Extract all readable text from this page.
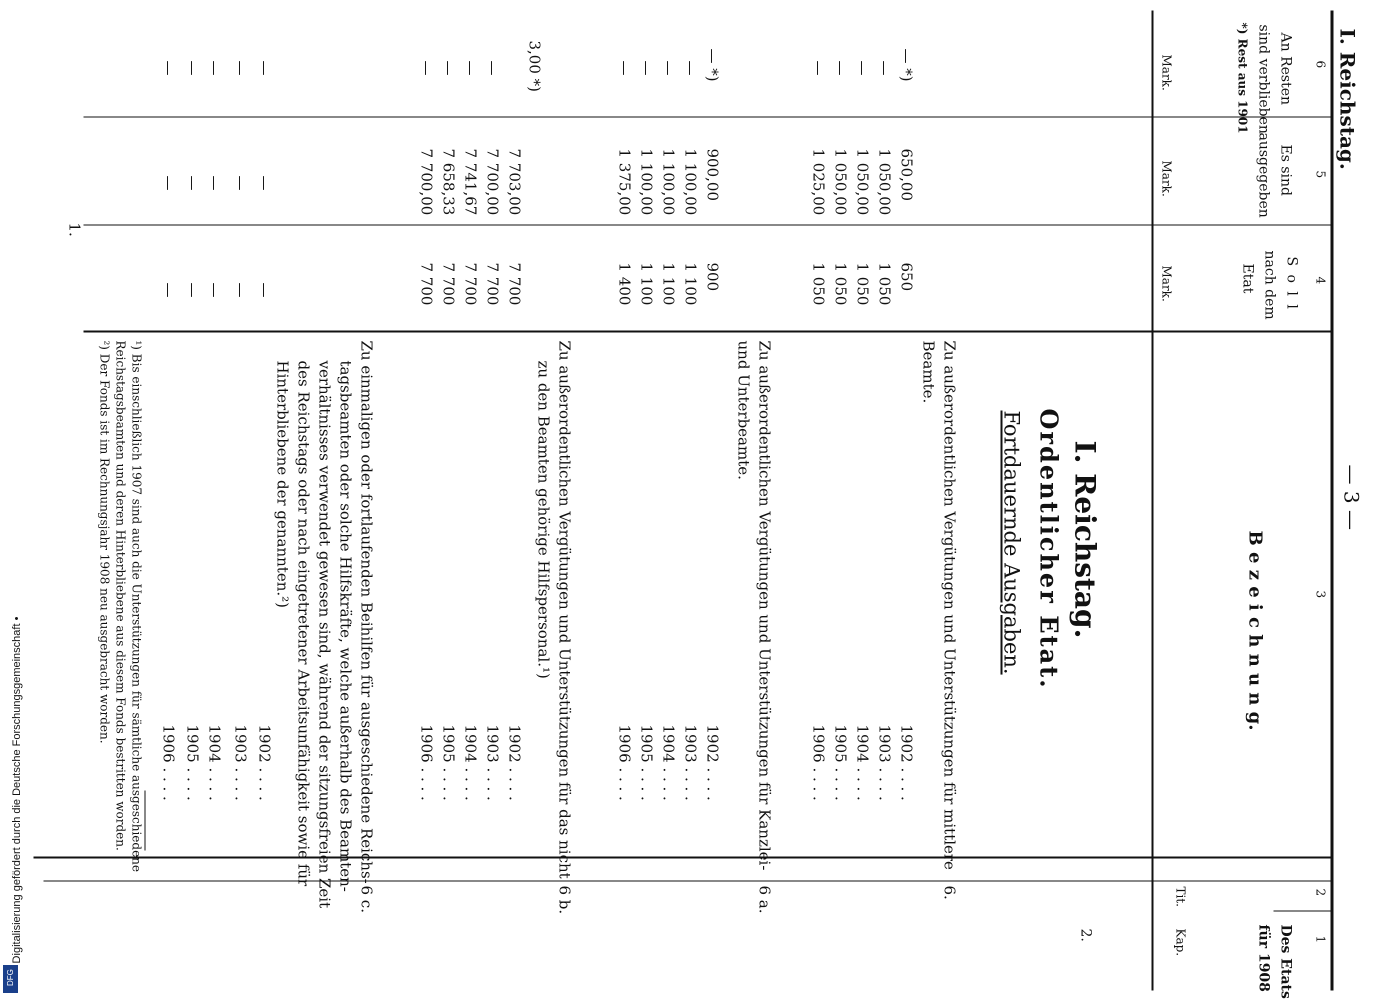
I. Reichstag.
— 3 —
6
5
4
3
2
1
An Resten
sind verblieben
*) Rest aus 1901
Es sind
ausgegeben
S o l l
nach dem
Etat
Mark.
Mark.
Mark.
B e z e i c h n u n g.
Des Etats
für 1908
Kap.
Tit.
I. Reichstag.
Ordentlicher Etat.
Fortdauernde Ausgaben.
2.
6.
Zu außerordentlichen Vergütungen und Unterstützungen für mittlere
Beamte.
1902 . . . .
1903 . . . .
1904 . . . .
1905 . . . .
1906 . . . .
650
1 050
1 050
1 050
1 050
650,00
1 050,00
1 050,00
1 050,00
1 025,00
— *)
—
—
—
—
6 a.
Zu außerordentlichen Vergütungen und Unterstützungen für Kanzlei-
und Unterbeamte.
1902 . . . .
1903 . . . .
1904 . . . .
1905 . . . .
1906 . . . .
900
1 100
1 100
1 100
1 400
900,00
1 100,00
1 100,00
1 100,00
1 375,00
— *)
—
—
—
—
6 b.
Zu außerordentlichen Vergütungen und Unterstützungen für das nicht
zu den Beamten gehörige Hilfspersonal.¹)
1902 . . . .
1903 . . . .
1904 . . . .
1905 . . . .
1906 . . . .
7 700
7 700
7 700
7 700
7 700
7 703,00
7 700,00
7 741,67
7 658,33
7 700,00
3,00 *)
—
—
—
—
6 c.
Zu einmaligen oder fortlaufenden Beihilfen für ausgeschiedene Reichs-
tagsbeamten oder solche Hilfskräfte, welche außerhalb des Beamten-
verhältnisses verwendet gewesen sind, während der sitzungsfreien Zeit
des Reichstags oder nach eingetretener Arbeitsunfähigkeit sowie für
Hinterbliebene der genannten.²)
1902 . . . .
1903 . . . .
1904 . . . .
1905 . . . .
1906 . . . .
—
—
—
—
—
—
—
—
—
—
—
—
—
—
—
¹) Bis einschließlich 1907 sind auch die Unterstützungen für sämtliche ausgeschiedene
Reichstagsbeamten und deren Hinterbliebene aus diesem Fonds bestritten worden.
²) Der Fonds ist im Rechnungsjahr 1908 neu ausgebracht worden.
1.
Digitalisierung gefördert durch die Deutsche Forschungsgemeinschaft •
DFG
